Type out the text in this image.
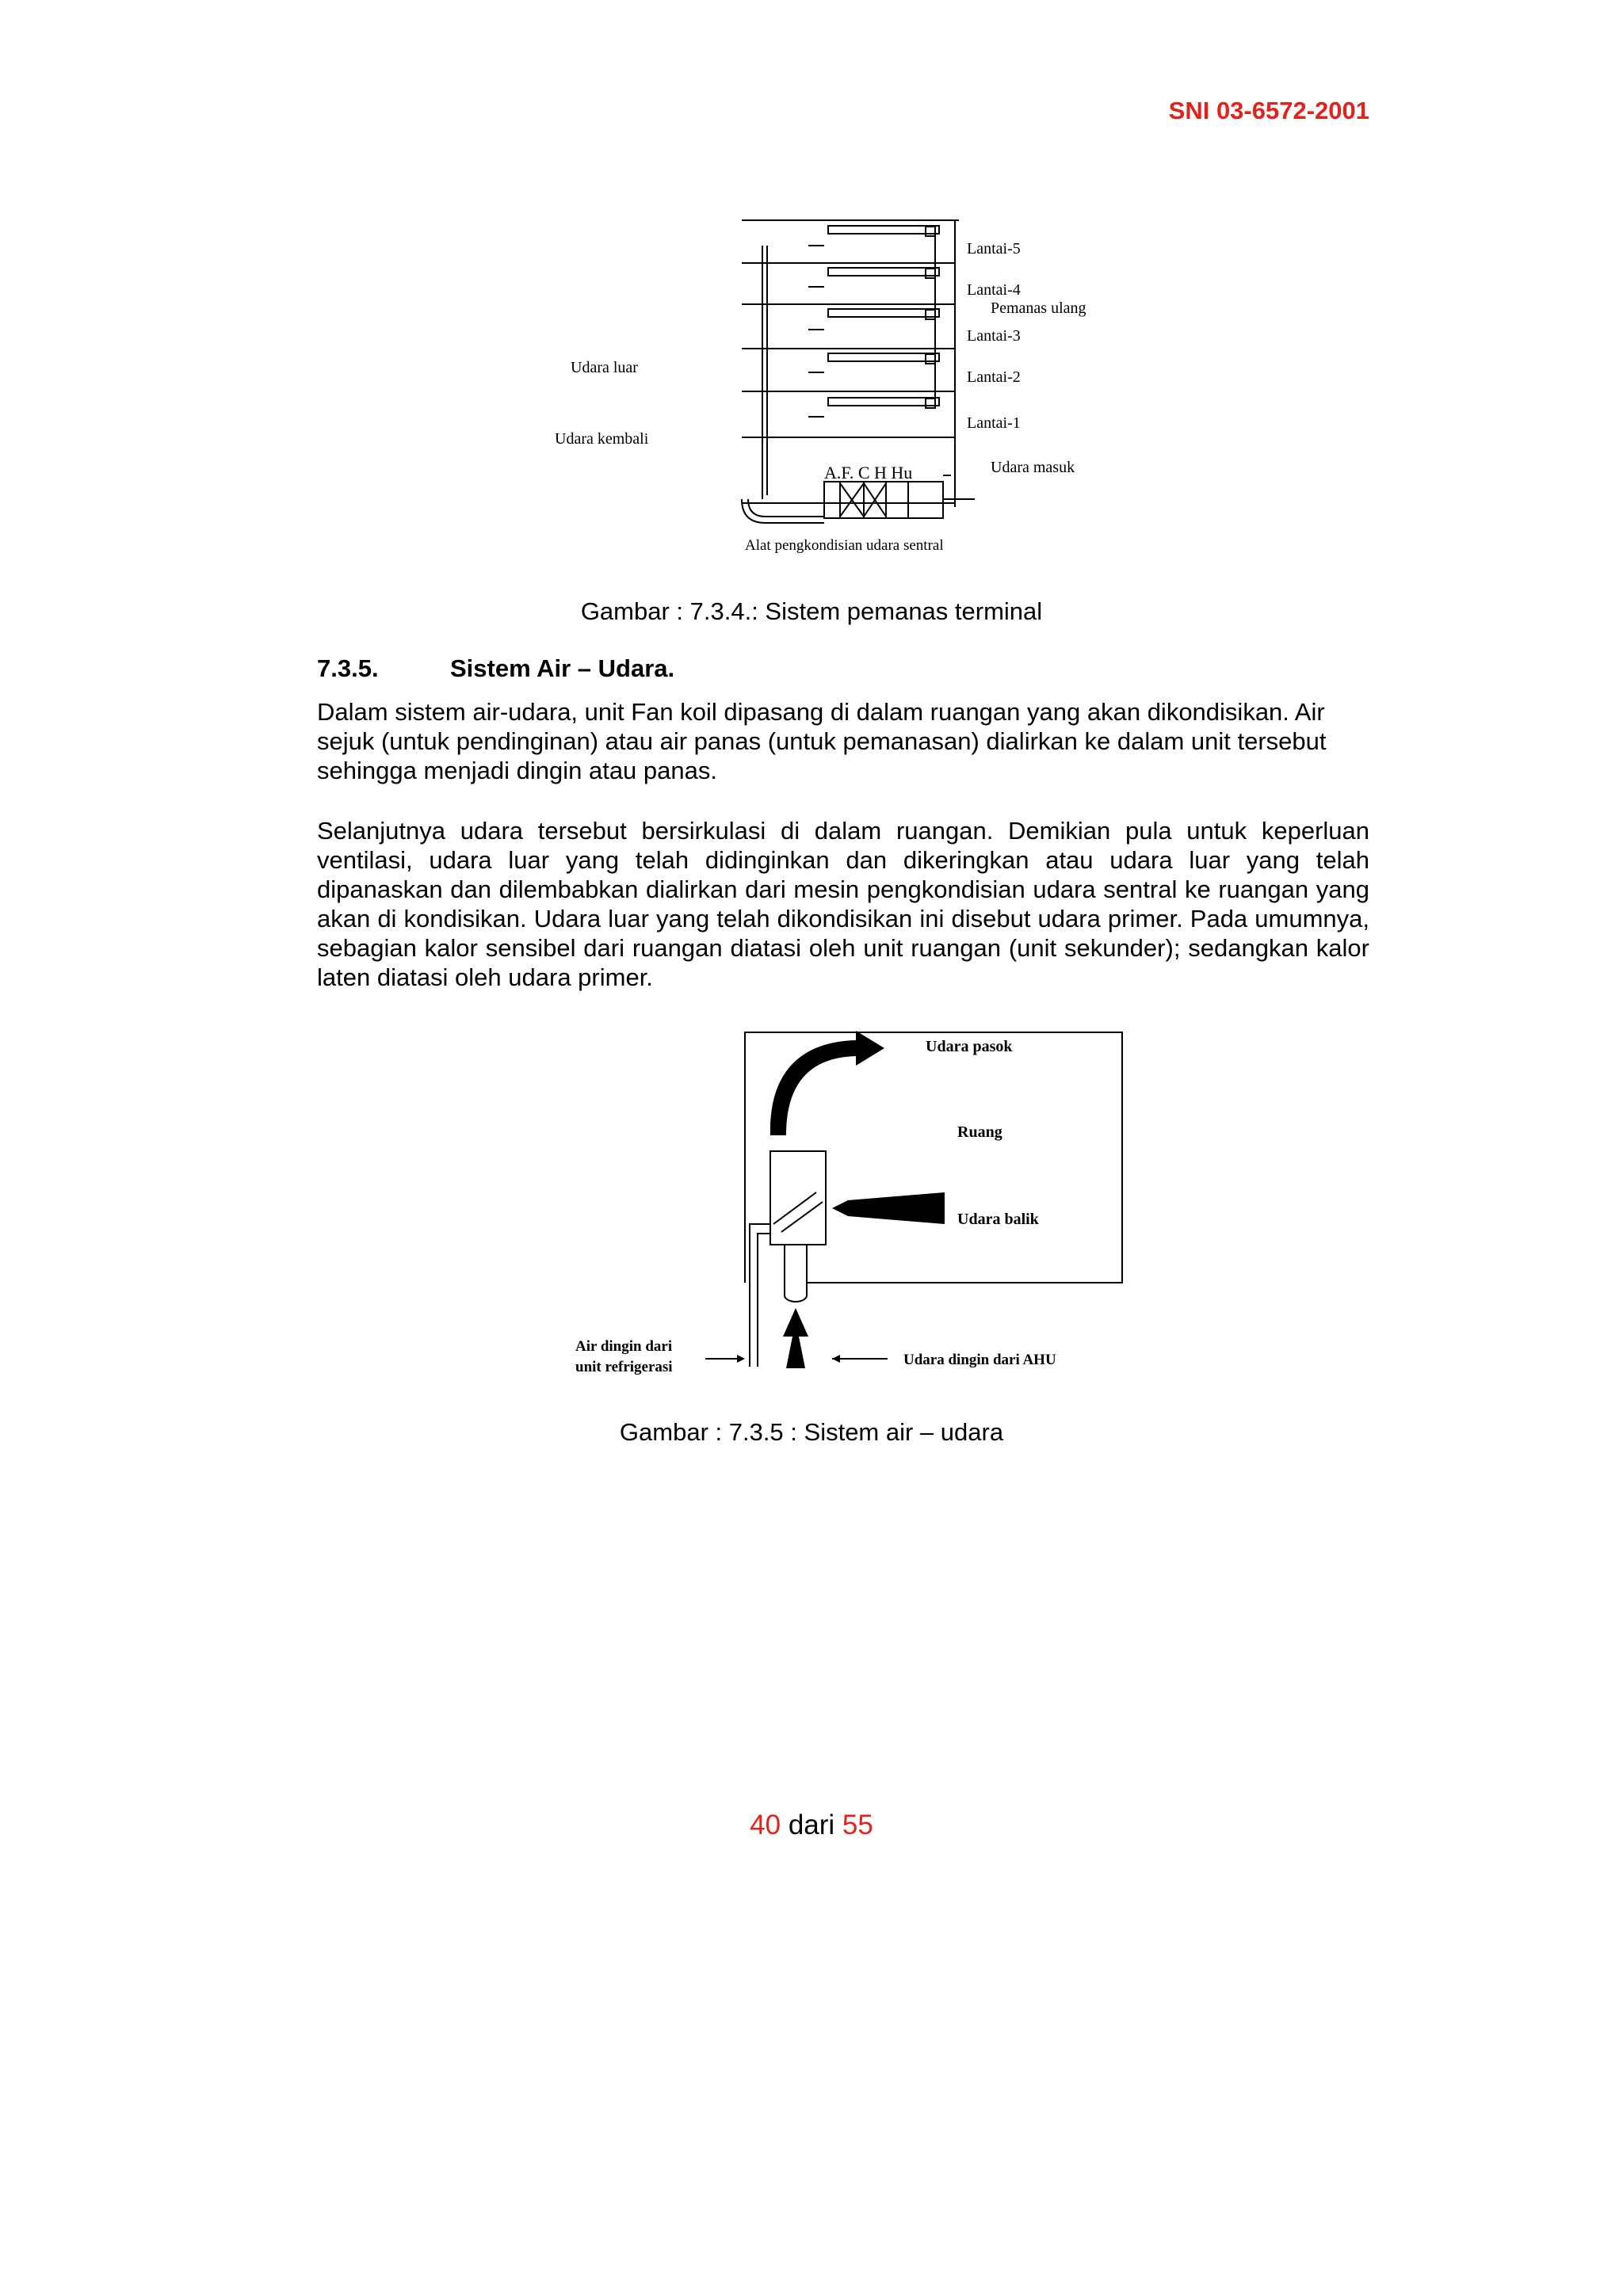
SNI 03-6572-2001
Lantai-5
Lantai-4
Pemanas ulang
Lantai-3
Lantai-2
Lantai-1
Udara luar
Udara kembali
Udara masuk
A.F. C H Hu
Alat pengkondisian udara sentral
Gambar : 7.3.4.: Sistem pemanas terminal
7.3.5.	Sistem Air – Udara.

Dalam sistem air-udara, unit Fan koil dipasang di dalam ruangan yang akan dikondisikan. Air sejuk (untuk pendinginan) atau air panas (untuk pemanasan) dialirkan ke dalam unit tersebut sehingga menjadi dingin atau panas.

Selanjutnya udara tersebut bersirkulasi di dalam ruangan. Demikian pula untuk keperluan ventilasi, udara luar yang telah didinginkan dan dikeringkan atau udara luar yang telah dipanaskan dan dilembabkan dialirkan dari mesin pengkondisian udara sentral ke ruangan yang akan di kondisikan. Udara luar yang telah dikondisikan ini disebut udara primer. Pada umumnya, sebagian kalor sensibel dari ruangan diatasi oleh unit ruangan (unit sekunder); sedangkan kalor laten diatasi oleh udara primer.

Udara pasok
Ruang
Udara balik
Air dingin dari
unit refrigerasi	Udara dingin dari AHU
Gambar : 7.3.5 : Sistem air – udara
40 dari 55
